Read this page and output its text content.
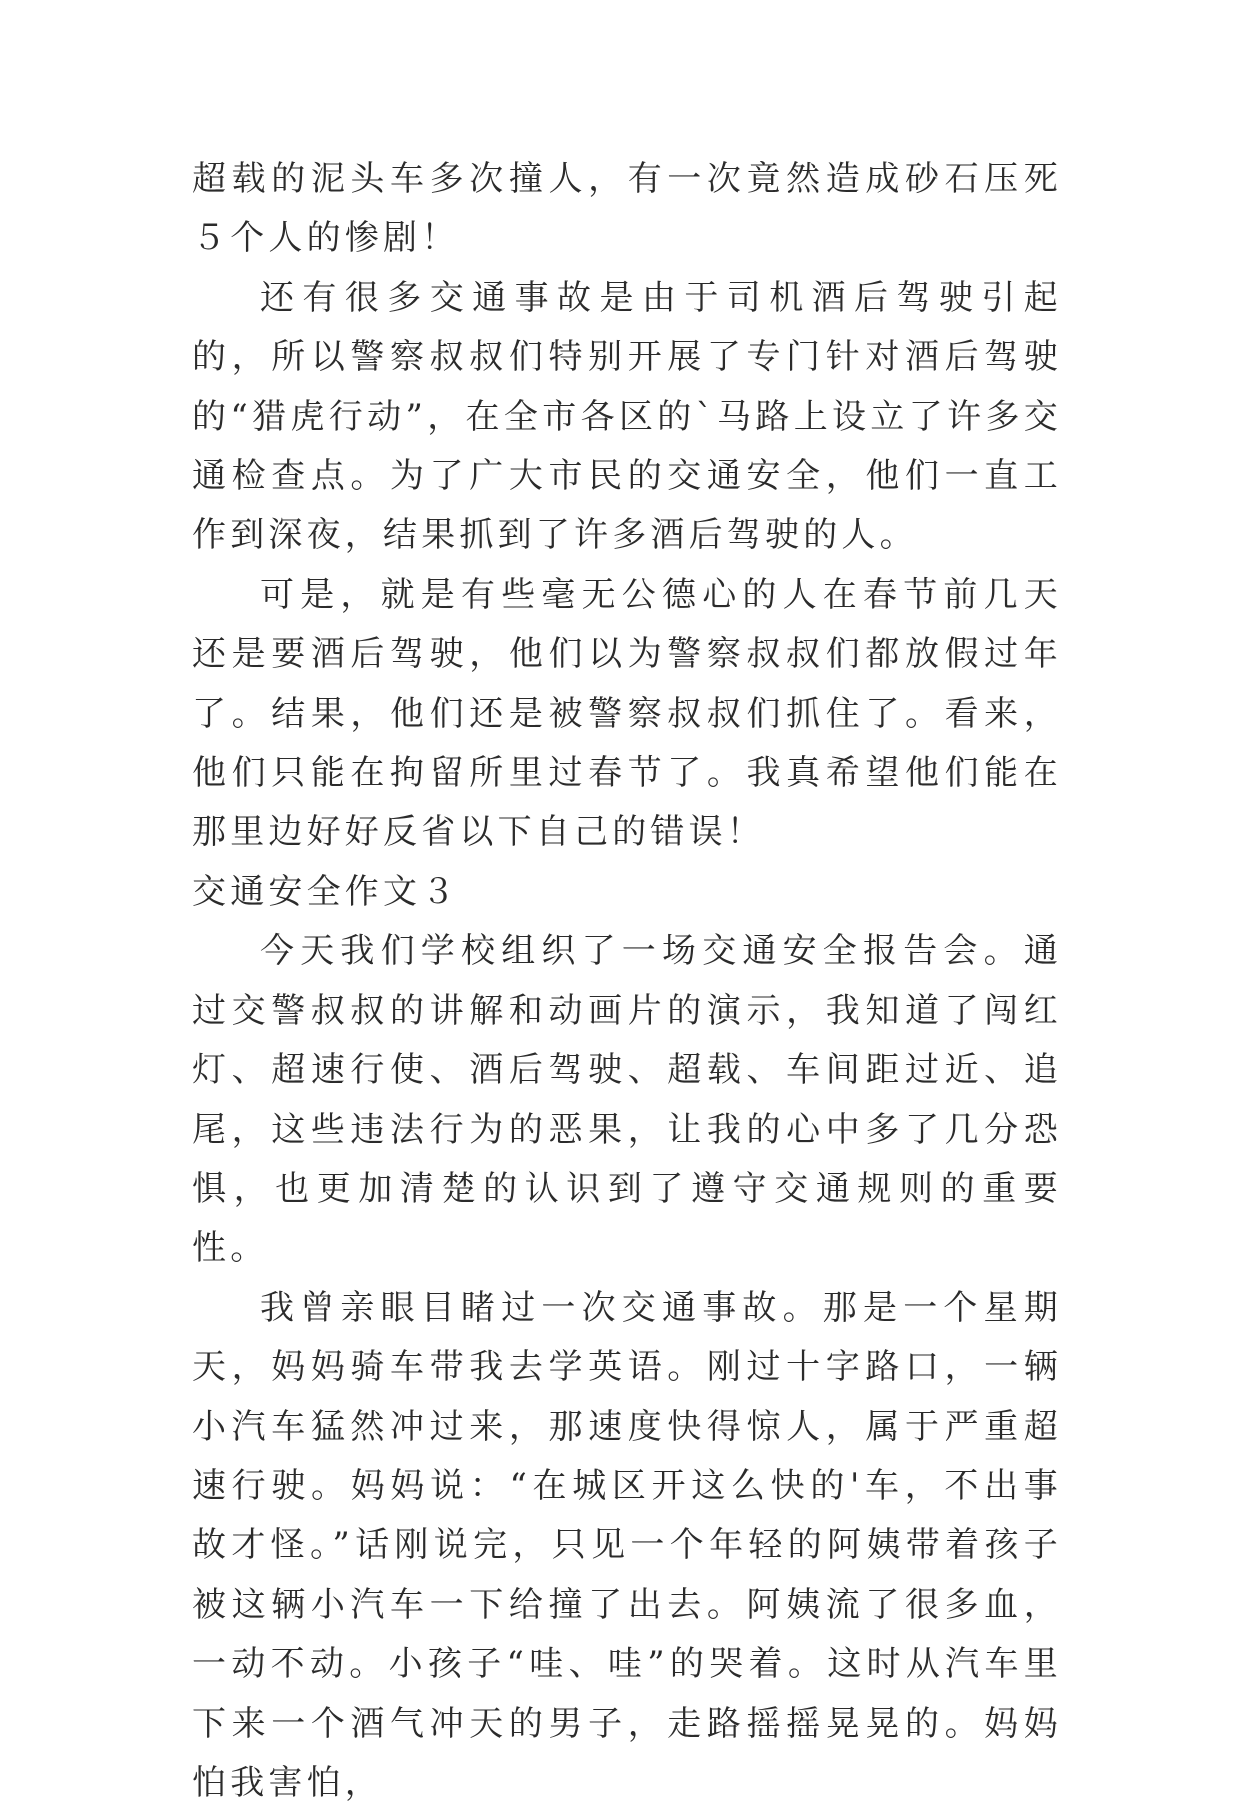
超载的泥头车多次撞人，有一次竟然造成砂石压死５个人的惨剧！

还有很多交通事故是由于司机酒后驾驶引起的，所以警察叔叔们特别开展了专门针对酒后驾驶的“猎虎行动”，在全市各区的`马路上设立了许多交通检查点。为了广大市民的交通安全，他们一直工作到深夜，结果抓到了许多酒后驾驶的人。

可是，就是有些毫无公德心的人在春节前几天还是要酒后驾驶，他们以为警察叔叔们都放假过年了。结果，他们还是被警察叔叔们抓住了。看来，他们只能在拘留所里过春节了。我真希望他们能在那里边好好反省以下自己的错误！

交通安全作文３

今天我们学校组织了一场交通安全报告会。通过交警叔叔的讲解和动画片的演示，我知道了闯红灯、超速行使、酒后驾驶、超载、车间距过近、追尾，这些违法行为的恶果，让我的心中多了几分恐惧，也更加清楚的认识到了遵守交通规则的重要性。

我曾亲眼目睹过一次交通事故。那是一个星期天，妈妈骑车带我去学英语。刚过十字路口，一辆小汽车猛然冲过来，那速度快得惊人，属于严重超速行驶。妈妈说：“在城区开这么快的'车，不出事故才怪。”话刚说完，只见一个年轻的阿姨带着孩子被这辆小汽车一下给撞了出去。阿姨流了很多血，一动不动。小孩子“哇、哇”的哭着。这时从汽车里下来一个酒气冲天的男子，走路摇摇晃晃的。妈妈怕我害怕，
